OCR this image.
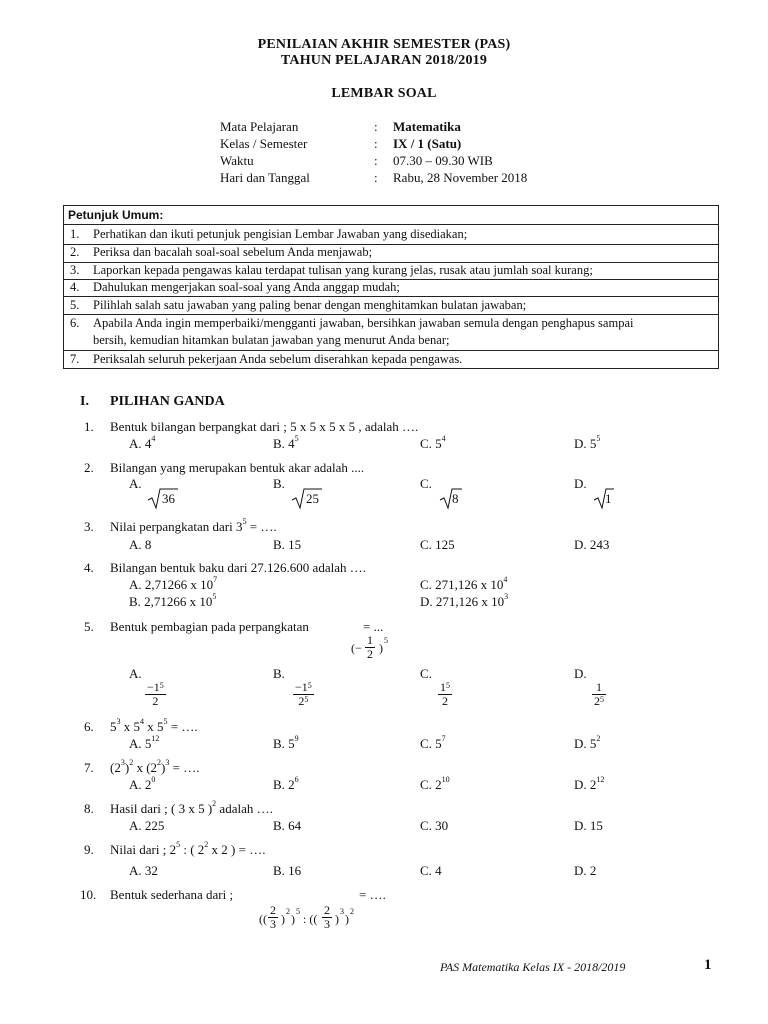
PENILAIAN AKHIR SEMESTER (PAS)
TAHUN PELAJARAN 2018/2019
LEMBAR SOAL
Mata Pelajaran	: Matematika
Kelas / Semester	: IX / 1 (Satu)
Waktu	: 07.30 – 09.30 WIB
Hari dan Tanggal	: Rabu, 28 November 2018
Petunjuk Umum:
1. Perhatikan dan ikuti petunjuk pengisian Lembar Jawaban yang disediakan;
2. Periksa dan bacalah soal-soal sebelum Anda menjawab;
3. Laporkan kepada pengawas kalau terdapat tulisan yang kurang jelas, rusak atau jumlah soal kurang;
4. Dahulukan mengerjakan soal-soal yang Anda anggap mudah;
5. Pilihlah salah satu jawaban yang paling benar dengan menghitamkan bulatan jawaban;
6. Apabila Anda ingin memperbaiki/mengganti jawaban, bersihkan jawaban semula dengan penghapus sampai
bersih, kemudian hitamkan bulatan jawaban yang menurut Anda benar;
7. Periksalah seluruh pekerjaan Anda sebelum diserahkan kepada pengawas.
I. PILIHAN GANDA
1. Bentuk bilangan berpangkat dari ; 5 x 5 x 5 x 5 , adalah ….
A. $4^4$	B. $4^5$	C. $5^4$	D. $5^5$
2. Bilangan yang merupakan bentuk akar adalah ....
A.	B.	C.	D.
36	25	8	1
3. Nilai perpangkatan dari $3^5$ = ….
A. 8	B. 15	C. 125	D. 243
4. Bilangan bentuk baku dari 27.126.600 adalah ….
A. 2,71266 x $10^7$	C. 271,126 x $10^4$
B. 2,71266 x $10^5$	D. 271,126 x $10^3$
5. Bentuk pembagian pada perpangkatan	= ...
(− $\frac{1}{2}$ )
5
A.	B.	C.	D.
$\frac{-1^5}{2}$	$\frac{-1^5}{2^5}$	$\frac{1^5}{2}$	$\frac{1}{2^5}$
6. $5^3$ x $5^4$ x $5^5$ = ….
A. $5^{12}$	B. $5^9$	C. $5^7$	D. $5^2$
7. $(2^3)^2$ x $(2^2)^3$ = ….
A. $2^0$	B. $2^6$	C. $2^{10}$	D. $2^{12}$
8. Hasil dari ; ( 3 x 5 )$^2$ adalah ….
A. 225	B. 64	C. 30	D. 15
9. Nilai dari ; $2^5$ : ( $2^2$ x 2 ) = ….
A. 32	B. 16	C. 4	D. 2
10. Bentuk sederhana dari ;	= ….
(( $\frac{2}{3}$ )
2
)
5
: (( $\frac{2}{3}$ )
3
)
2
PAS Matematika Kelas IX - 2018/2019	1
